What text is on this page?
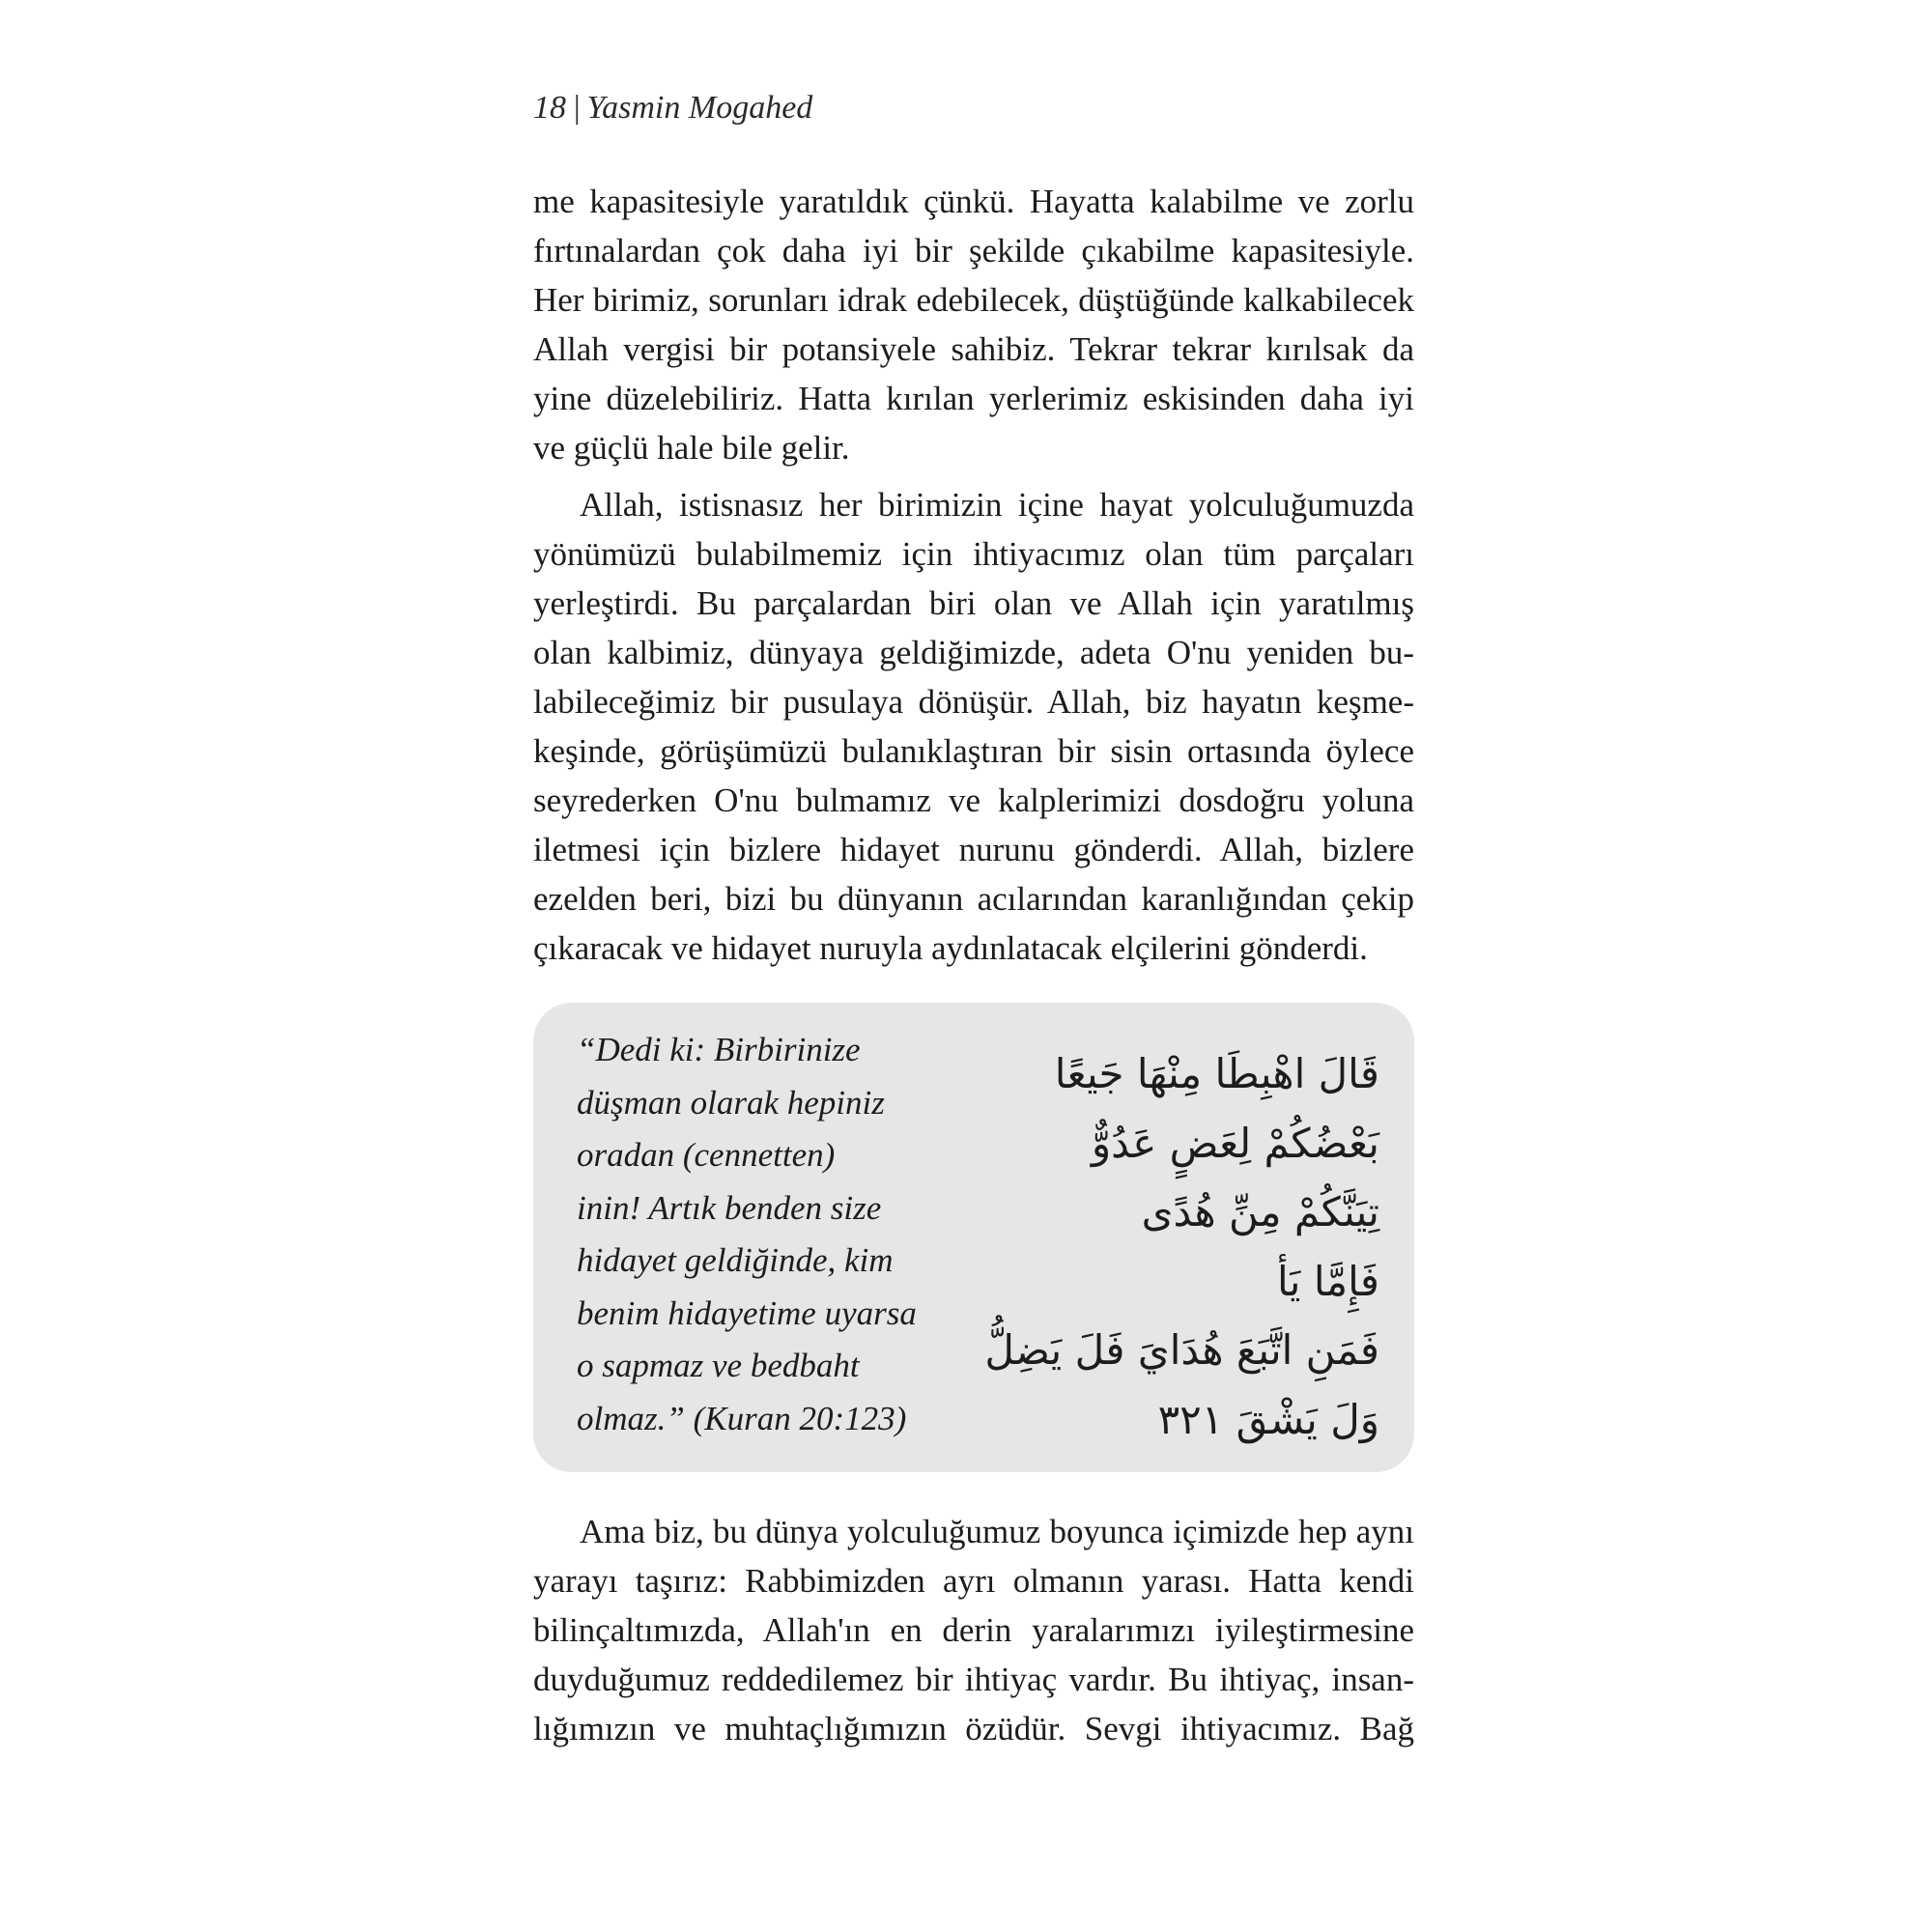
18 | Yasmin Mogahed
me kapasitesiyle yaratıldık çünkü. Hayatta kalabilme ve zorlu
fırtınalardan çok daha iyi bir şekilde çıkabilme kapasitesiyle.
Her birimiz, sorunları idrak edebilecek, düştüğünde kalkabilecek
Allah vergisi bir potansiyele sahibiz. Tekrar tekrar kırılsak da
yine düzelebiliriz. Hatta kırılan yerlerimiz eskisinden daha iyi
ve güçlü hale bile gelir.
Allah, istisnasız her birimizin içine hayat yolculuğumuzda
yönümüzü bulabilmemiz için ihtiyacımız olan tüm parçaları
yerleştirdi. Bu parçalardan biri olan ve Allah için yaratılmış
olan kalbimiz, dünyaya geldiğimizde, adeta O'nu yeniden bu-
labileceğimiz bir pusulaya dönüşür. Allah, biz hayatın keşme-
keşinde, görüşümüzü bulanıklaştıran bir sisin ortasında öylece
seyrederken O'nu bulmamız ve kalplerimizi dosdoğru yoluna
iletmesi için bizlere hidayet nurunu gönderdi. Allah, bizlere
ezelden beri, bizi bu dünyanın acılarından karanlığından çekip
çıkaracak ve hidayet nuruyla aydınlatacak elçilerini gönderdi.
“Dedi ki: Birbirinize
düşman olarak hepiniz
oradan (cennetten)
inin! Artık benden size
hidayet geldiğinde, kim
benim hidayetime uyarsa
o sapmaz ve bedbaht
olmaz.” (Kuran 20:123)
قَالَ اهْبِطَا مِنْهَا جَيعًا
بَعْضُكُمْ لِعَضٍ عَدُوٌّ
تِيَنَّكُمْ مِنِّ هُدًى
فَإِمَّا يَأ
فَمَنِ اتَّبَعَ هُدَايَ فَلَ يَضِلُّ
وَلَ يَشْقَ ٣٢١
Ama biz, bu dünya yolculuğumuz boyunca içimizde hep aynı
yarayı taşırız: Rabbimizden ayrı olmanın yarası. Hatta kendi
bilinçaltımızda, Allah'ın en derin yaralarımızı iyileştirmesine
duyduğumuz reddedilemez bir ihtiyaç vardır. Bu ihtiyaç, insan-
lığımızın ve muhtaçlığımızın özüdür. Sevgi ihtiyacımız. Bağ
